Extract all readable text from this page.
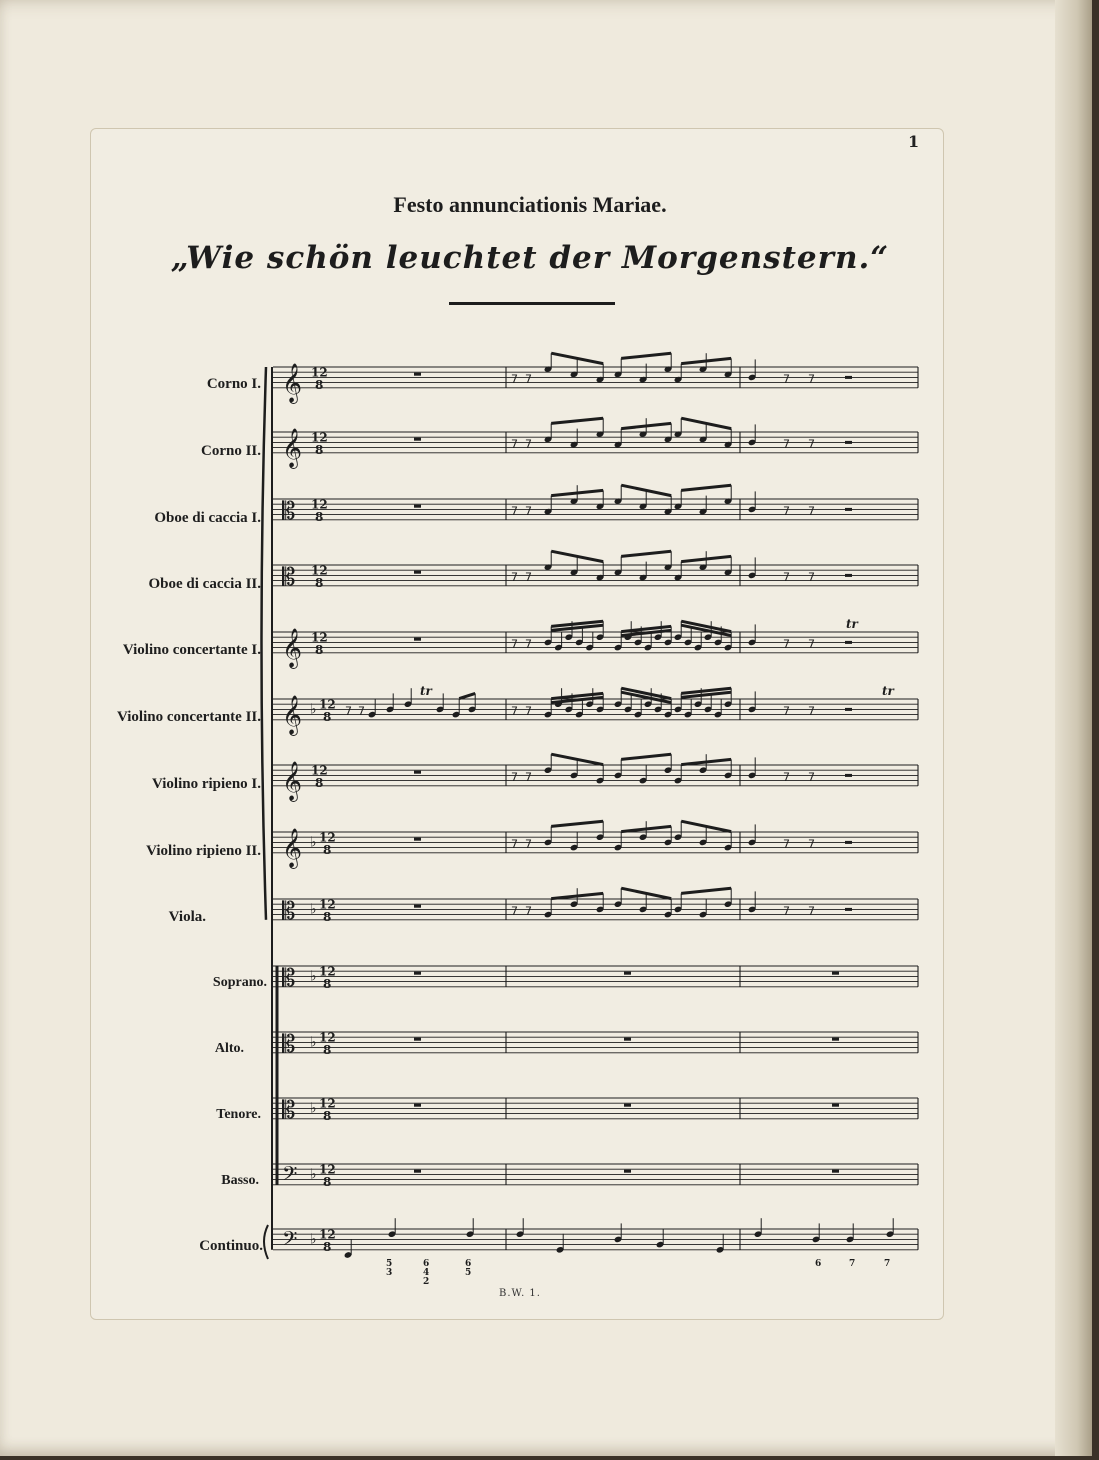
1
Festo annunciationis Mariae.
„Wie schön leuchtet der Morgenstern.“
Corno I.
Corno II.
Oboe di caccia I.
Oboe di caccia II.
Violino concertante I.
Violino concertante II.
Violino ripieno I.
Violino ripieno II.
Viola.
Soprano.
Alto.
Tenore.
Basso.
Continuo.
B.W. 1.
𝄞 12
8
𝄞 12
8
𝄡 12
8
𝄡 12
8
𝄞 12
8
𝄞 ♭ 12
8
𝄞 12
8
𝄞 ♭ 12
8
𝄡 ♭ 12
8
𝄡 ♭ 12
8
𝄡 ♭ 12
8
𝄡 ♭ 12
8
𝄢 ♭ 12
8
𝄢 ♭ 12
8
7 7	7 7
7 7	7 7
7 7	7 7
7 7	7 7
7 7	7 7
7 7	7 7
7 7	7 7
7 7	7 7
7 7	7 7
7 7
tr	tr
tr
5
3
6
4
2
6
5
6	7	7
